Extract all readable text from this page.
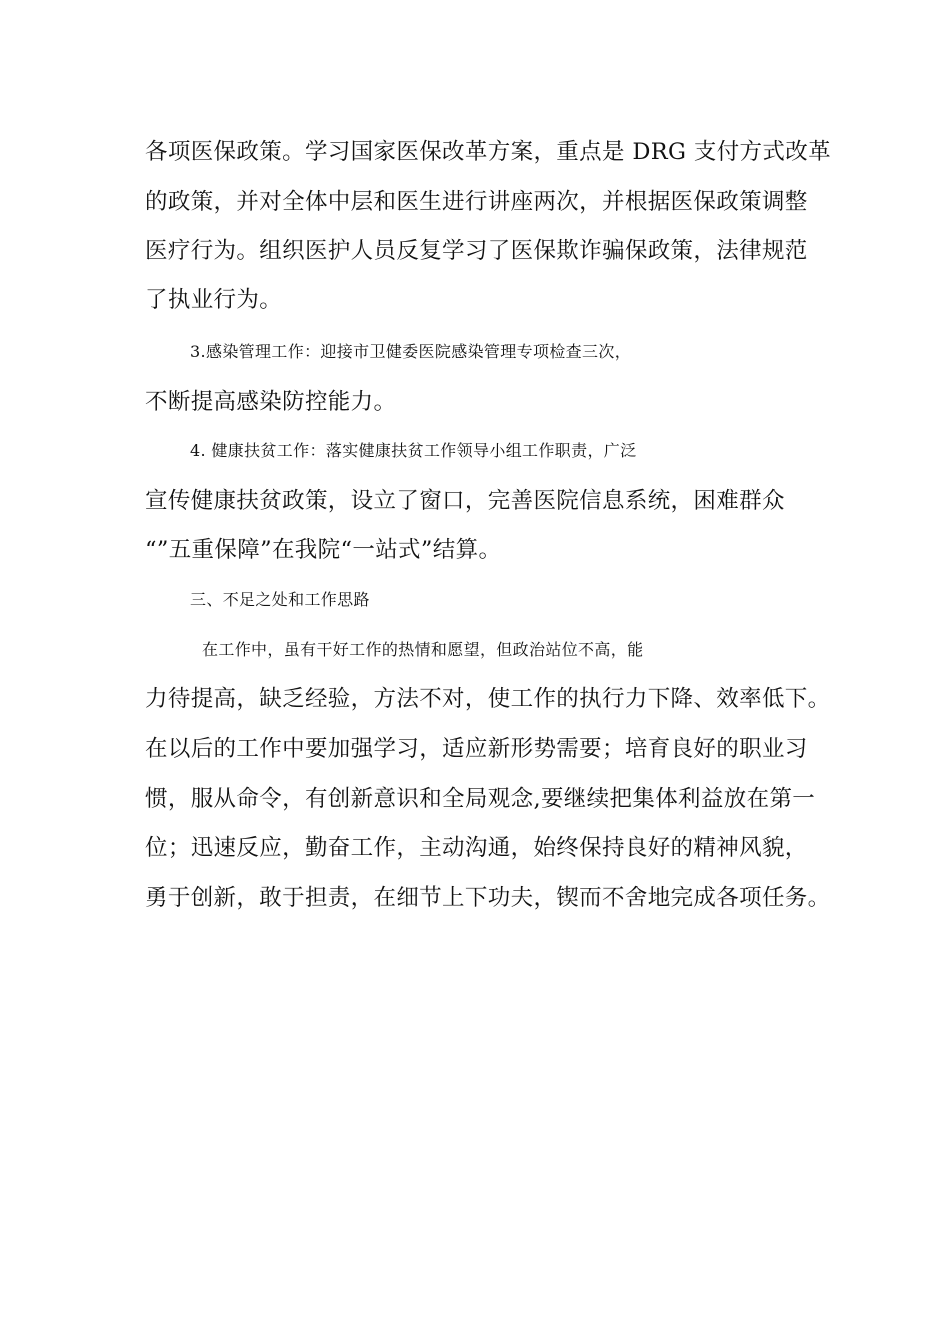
各项医保政策。学习国家医保改革方案，重点是 DRG 支付方式改革
的政策，并对全体中层和医生进行讲座两次，并根据医保政策调整
医疗行为。组织医护人员反复学习了医保欺诈骗保政策，法律规范
了执业行为。
3.感染管理工作：迎接市卫健委医院感染管理专项检查三次，
不断提高感染防控能力。
4. 健康扶贫工作：落实健康扶贫工作领导小组工作职责，广泛
宣传健康扶贫政策，设立了窗口，完善医院信息系统，困难群众
“”五重保障”在我院“一站式”结算。
三、不足之处和工作思路
在工作中，虽有干好工作的热情和愿望，但政治站位不高，能
力待提高，缺乏经验，方法不对，使工作的执行力下降、效率低下。
在以后的工作中要加强学习，适应新形势需要；培育良好的职业习
惯，服从命令，有创新意识和全局观念,要继续把集体利益放在第一
位；迅速反应，勤奋工作，主动沟通，始终保持良好的精神风貌，
勇于创新，敢于担责，在细节上下功夫，锲而不舍地完成各项任务。
